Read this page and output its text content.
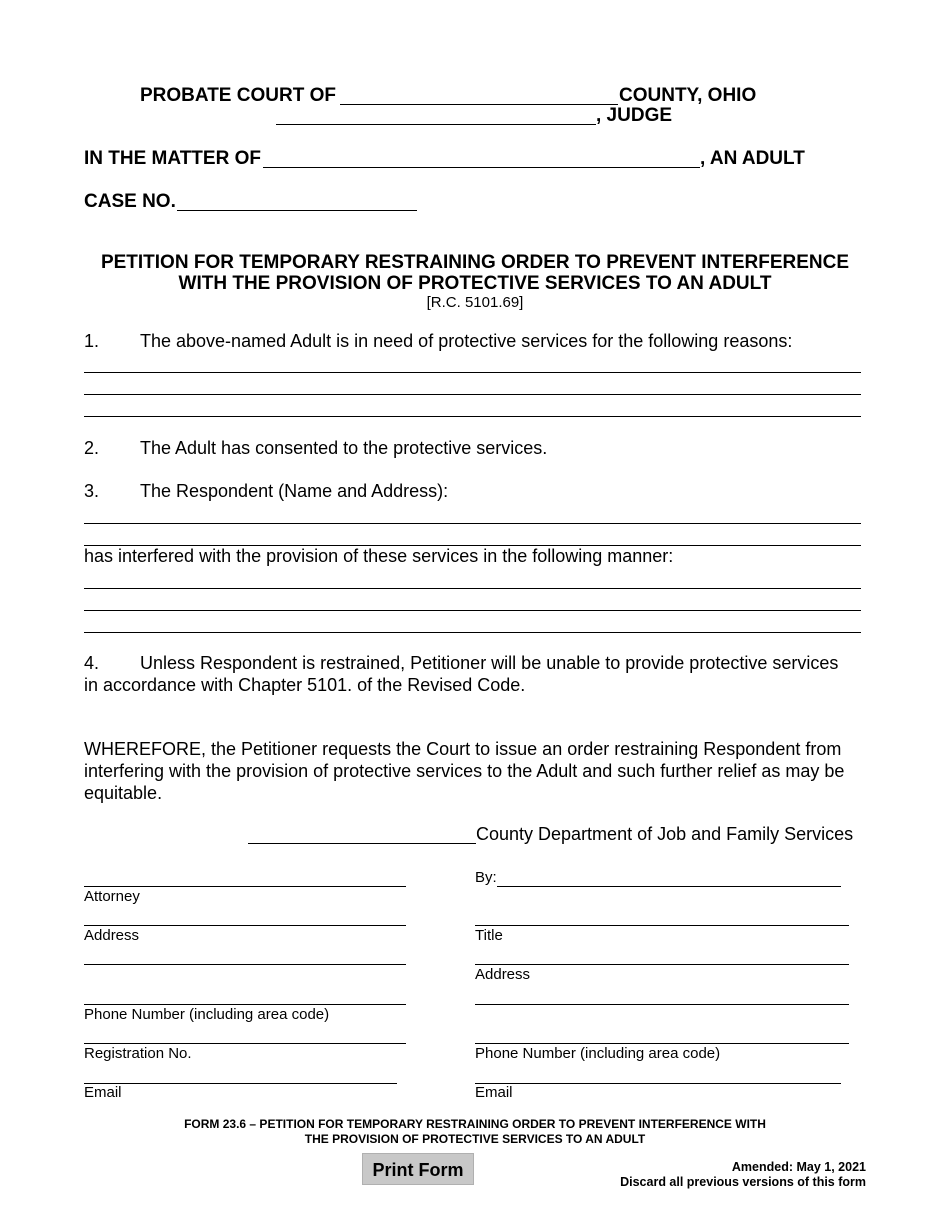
PROBATE COURT OF	COUNTY, OHIO
, JUDGE
IN THE MATTER OF	, AN ADULT
CASE NO.
PETITION FOR TEMPORARY RESTRAINING ORDER TO PREVENT INTERFERENCE
WITH THE PROVISION OF PROTECTIVE SERVICES TO AN ADULT
[R.C. 5101.69]
1. The above-named Adult is in need of protective services for the following reasons:
2. The Adult has consented to the protective services.
3. The Respondent (Name and Address):
has interfered with the provision of these services in the following manner:
4. Unless Respondent is restrained, Petitioner will be unable to provide protective services
in accordance with Chapter 5101. of the Revised Code.
WHEREFORE, the Petitioner requests the Court to issue an order restraining Respondent from
interfering with the provision of protective services to the Adult and such further relief as may be
equitable.
County Department of Job and Family Services
Attorney
Address
Phone Number (including area code)
Registration No.
Email
By:
Title
Address
Phone Number (including area code)
Email
FORM 23.6 – PETITION FOR TEMPORARY RESTRAINING ORDER TO PREVENT INTERFERENCE WITH
THE PROVISION OF PROTECTIVE SERVICES TO AN ADULT
Print Form	Amended: May 1, 2021
Discard all previous versions of this form
